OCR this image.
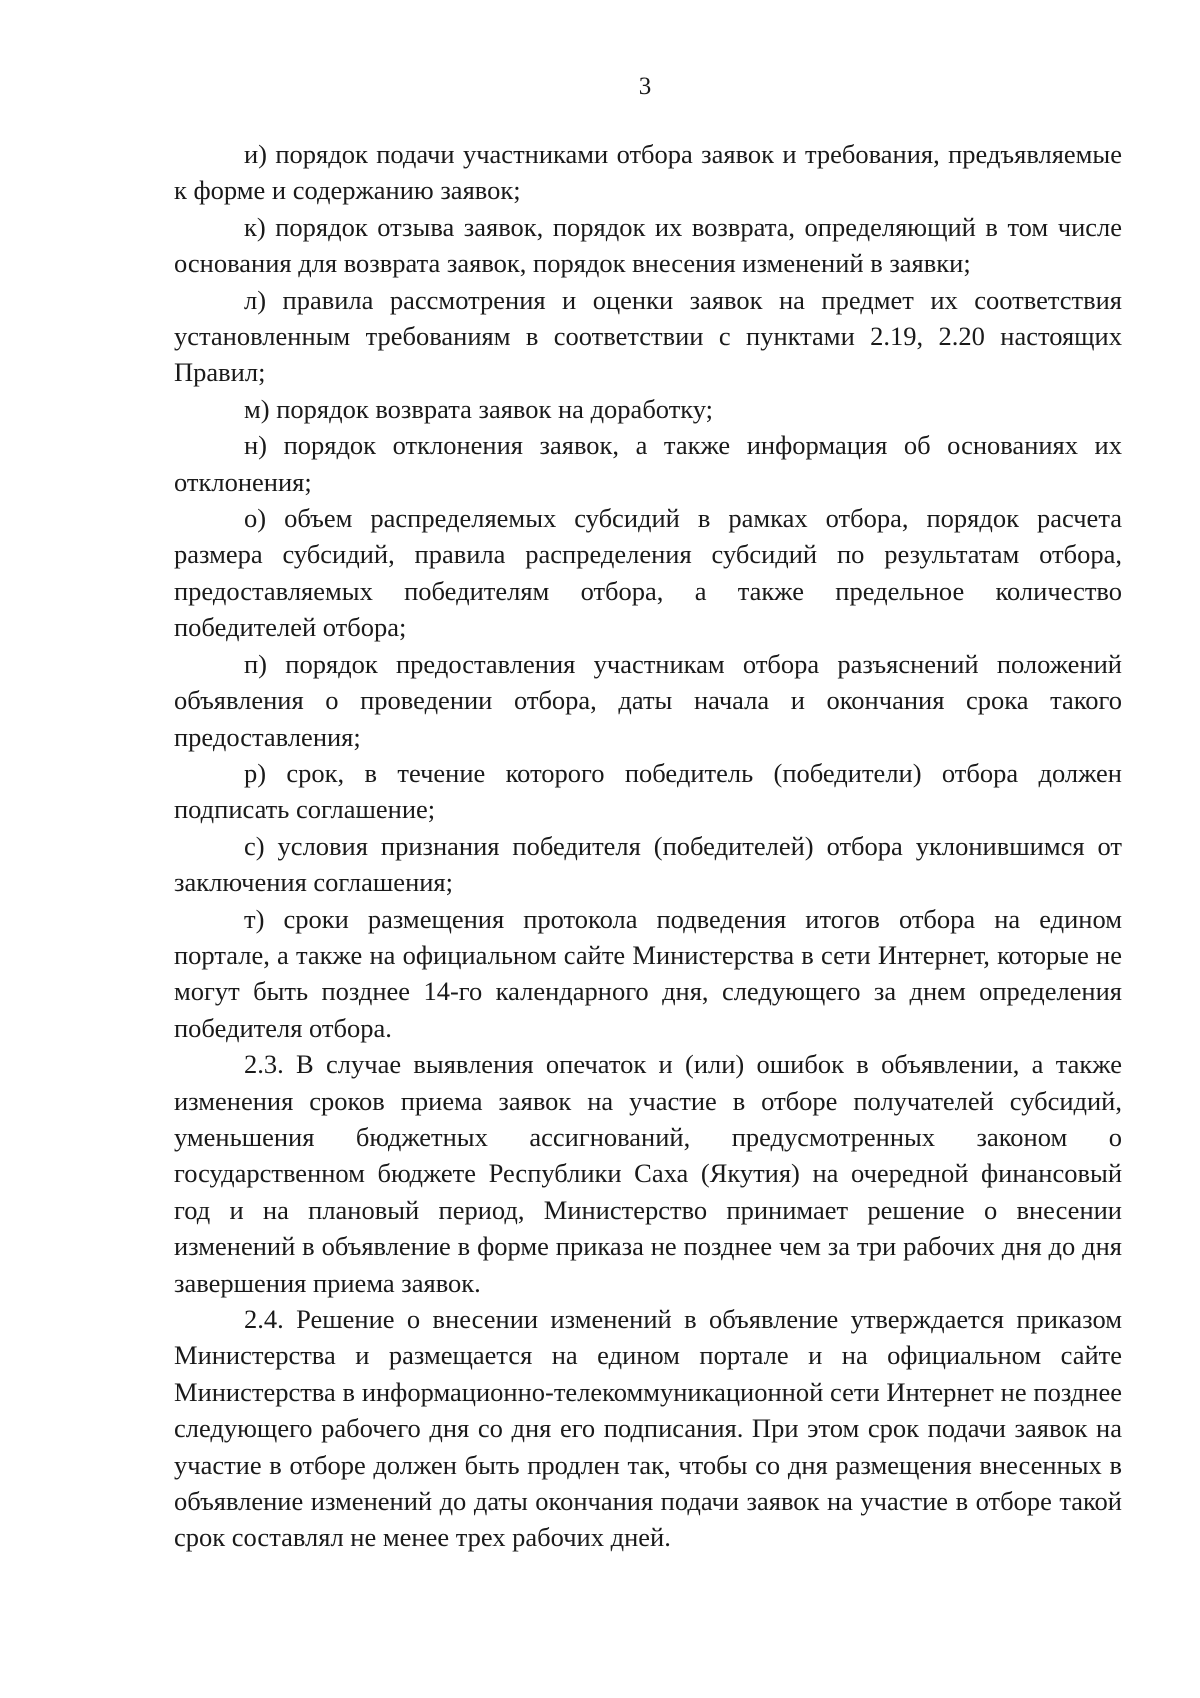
3

и) порядок подачи участниками отбора заявок и требования, предъявляемые к форме и содержанию заявок;

к) порядок отзыва заявок, порядок их возврата, определяющий в том числе основания для возврата заявок, порядок внесения изменений в заявки;

л) правила рассмотрения и оценки заявок на предмет их соответствия установленным требованиям в соответствии с пунктами 2.19, 2.20 настоящих Правил;

м) порядок возврата заявок на доработку;

н) порядок отклонения заявок, а также информация об основаниях их отклонения;

о) объем распределяемых субсидий в рамках отбора, порядок расчета размера субсидий, правила распределения субсидий по результатам отбора, предоставляемых победителям отбора, а также предельное количество победителей отбора;

п) порядок предоставления участникам отбора разъяснений положений объявления о проведении отбора, даты начала и окончания срока такого предоставления;

р) срок, в течение которого победитель (победители) отбора должен подписать соглашение;

с) условия признания победителя (победителей) отбора уклонившимся от заключения соглашения;

т) сроки размещения протокола подведения итогов отбора на едином портале, а также на официальном сайте Министерства в сети Интернет, которые не могут быть позднее 14-го календарного дня, следующего за днем определения победителя отбора.

2.3. В случае выявления опечаток и (или) ошибок в объявлении, а также изменения сроков приема заявок на участие в отборе получателей субсидий, уменьшения бюджетных ассигнований, предусмотренных законом о государственном бюджете Республики Саха (Якутия) на очередной финансовый год и на плановый период, Министерство принимает решение о внесении изменений в объявление в форме приказа не позднее чем за три рабочих дня до дня завершения приема заявок.

2.4. Решение о внесении изменений в объявление утверждается приказом Министерства и размещается на едином портале и на официальном сайте Министерства в информационно-телекоммуникационной сети Интернет не позднее следующего рабочего дня со дня его подписания. При этом срок подачи заявок на участие в отборе должен быть продлен так, чтобы со дня размещения внесенных в объявление изменений до даты окончания подачи заявок на участие в отборе такой срок составлял не менее трех рабочих дней.
